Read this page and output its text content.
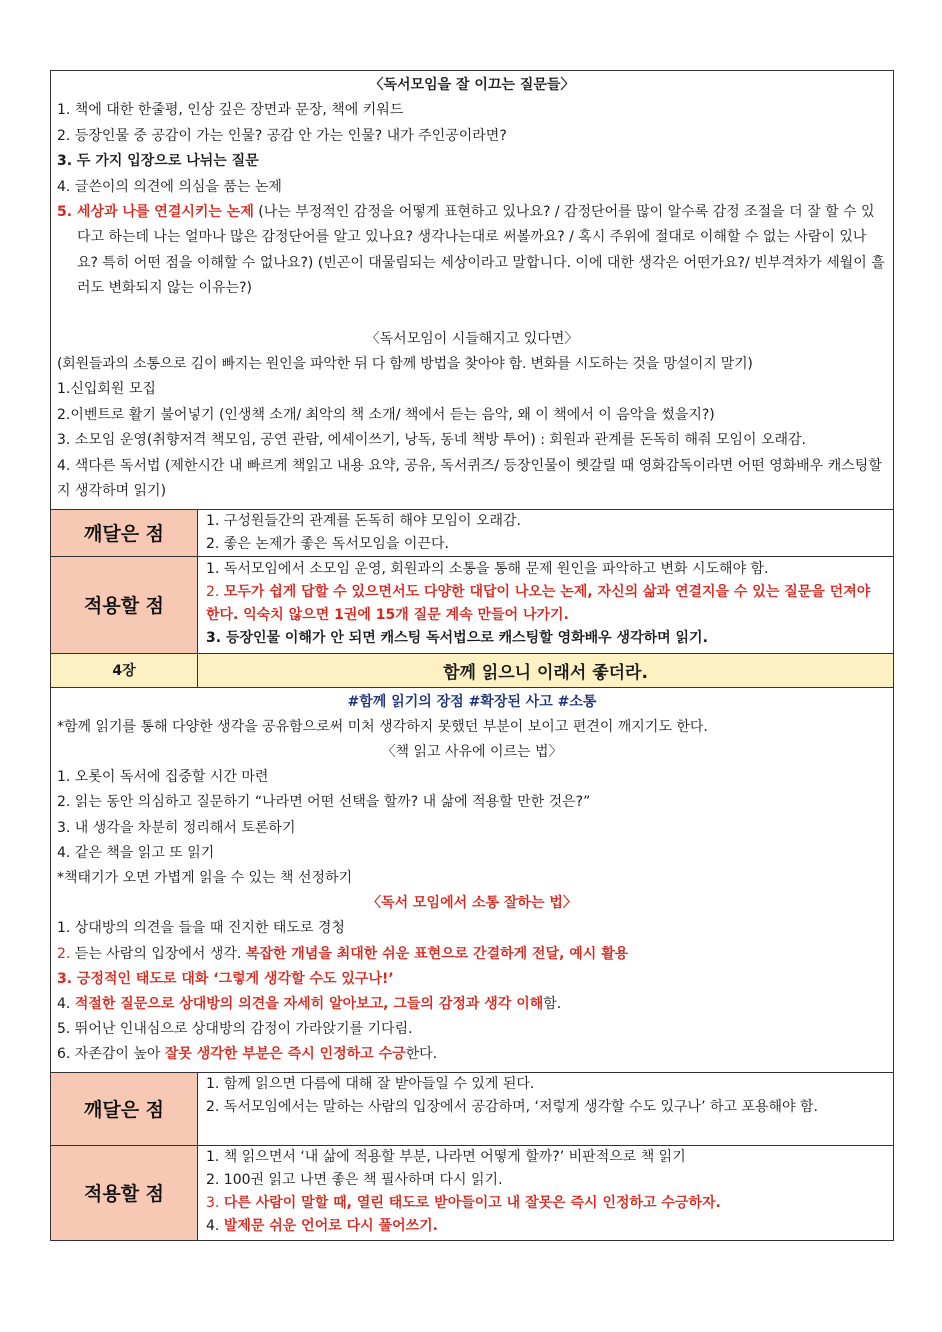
〈독서모임을 잘 이끄는 질문들〉
1. 책에 대한 한줄평, 인상 깊은 장면과 문장, 책에 키워드
2. 등장인물 중 공감이 가는 인물? 공감 안 가는 인물? 내가 주인공이라면?
3. 두 가지 입장으로 나뉘는 질문
4. 글쓴이의 의견에 의심을 품는 논제
5. 세상과 나를 연결시키는 논제 (나는 부정적인 감정을 어떻게 표현하고 있나요? / 감정단어를 많이 알수록 감정 조절을 더 잘 할 수 있다고 하는데 나는 얼마나 많은 감정단어를 알고 있나요? 생각나는대로 써볼까요? / 혹시 주위에 절대로 이해할 수 없는 사람이 있나요? 특히 어떤 점을 이해할 수 없나요?) (빈곤이 대물림되는 세상이라고 말합니다. 이에 대한 생각은 어떤가요?/ 빈부격차가 세월이 흘러도 변화되지 않는 이유는?)
〈독서모임이 시들해지고 있다면〉
(회원들과의 소통으로 김이 빠지는 원인을 파악한 뒤 다 함께 방법을 찾아야 함. 변화를 시도하는 것을 망설이지 말기)
1.신입회원 모집
2.이벤트로 활기 불어넣기 (인생책 소개/ 최악의 책 소개/ 책에서 듣는 음악, 왜 이 책에서 이 음악을 썼을지?)
3. 소모임 운영(취향저격 책모임, 공연 관람, 에세이쓰기, 낭독, 동네 책방 투어) : 회원과 관계를 돈독히 해줘 모임이 오래감.
4. 색다른 독서법 (제한시간 내 빠르게 책읽고 내용 요약, 공유, 독서퀴즈/ 등장인물이 헷갈릴 때 영화감독이라면 어떤 영화배우 캐스팅할지 생각하며 읽기)
깨달은 점
1. 구성원들간의 관계를 돈독히 해야 모임이 오래감.
2. 좋은 논제가 좋은 독서모임을 이끈다.
적용할 점
1. 독서모임에서 소모임 운영, 회원과의 소통을 통해 문제 원인을 파악하고 변화 시도해야 함.
2. 모두가 쉽게 답할 수 있으면서도 다양한 대답이 나오는 논제, 자신의 삶과 연결지을 수 있는 질문을 던져야 한다. 익숙치 않으면 1권에 15개 질문 계속 만들어 나가기.
3. 등장인물 이해가 안 되면 캐스팅 독서법으로 캐스팅할 영화배우 생각하며 읽기.
4장	함께 읽으니 이래서 좋더라.
#함께 읽기의 장점 #확장된 사고 #소통
*함께 읽기를 통해 다양한 생각을 공유함으로써 미처 생각하지 못했던 부분이 보이고 편견이 깨지기도 한다.
〈책 읽고 사유에 이르는 법〉
1. 오롯이 독서에 집중할 시간 마련
2. 읽는 동안 의심하고 질문하기 “나라면 어떤 선택을 할까? 내 삶에 적용할 만한 것은?”
3. 내 생각을 차분히 정리해서 토론하기
4. 같은 책을 읽고 또 읽기
*책태기가 오면 가볍게 읽을 수 있는 책 선정하기
〈독서 모임에서 소통 잘하는 법〉
1. 상대방의 의견을 들을 때 진지한 태도로 경청
2. 듣는 사람의 입장에서 생각. 복잡한 개념을 최대한 쉬운 표현으로 간결하게 전달, 예시 활용
3. 긍정적인 태도로 대화 ‘그렇게 생각할 수도 있구나!’
4. 적절한 질문으로 상대방의 의견을 자세히 알아보고, 그들의 감정과 생각 이해함.
5. 뛰어난 인내심으로 상대방의 감정이 가라앉기를 기다림.
6. 자존감이 높아 잘못 생각한 부분은 즉시 인정하고 수긍한다.
깨달은 점
1. 함께 읽으면 다름에 대해 잘 받아들일 수 있게 된다.
2. 독서모임에서는 말하는 사람의 입장에서 공감하며, ‘저렇게 생각할 수도 있구나’ 하고 포용해야 함.
적용할 점
1. 책 읽으면서 ‘내 삶에 적용할 부분, 나라면 어떻게 할까?’ 비판적으로 책 읽기
2. 100권 읽고 나면 좋은 책 필사하며 다시 읽기.
3. 다른 사람이 말할 때, 열린 태도로 받아들이고 내 잘못은 즉시 인정하고 수긍하자.
4. 발제문 쉬운 언어로 다시 풀어쓰기.
